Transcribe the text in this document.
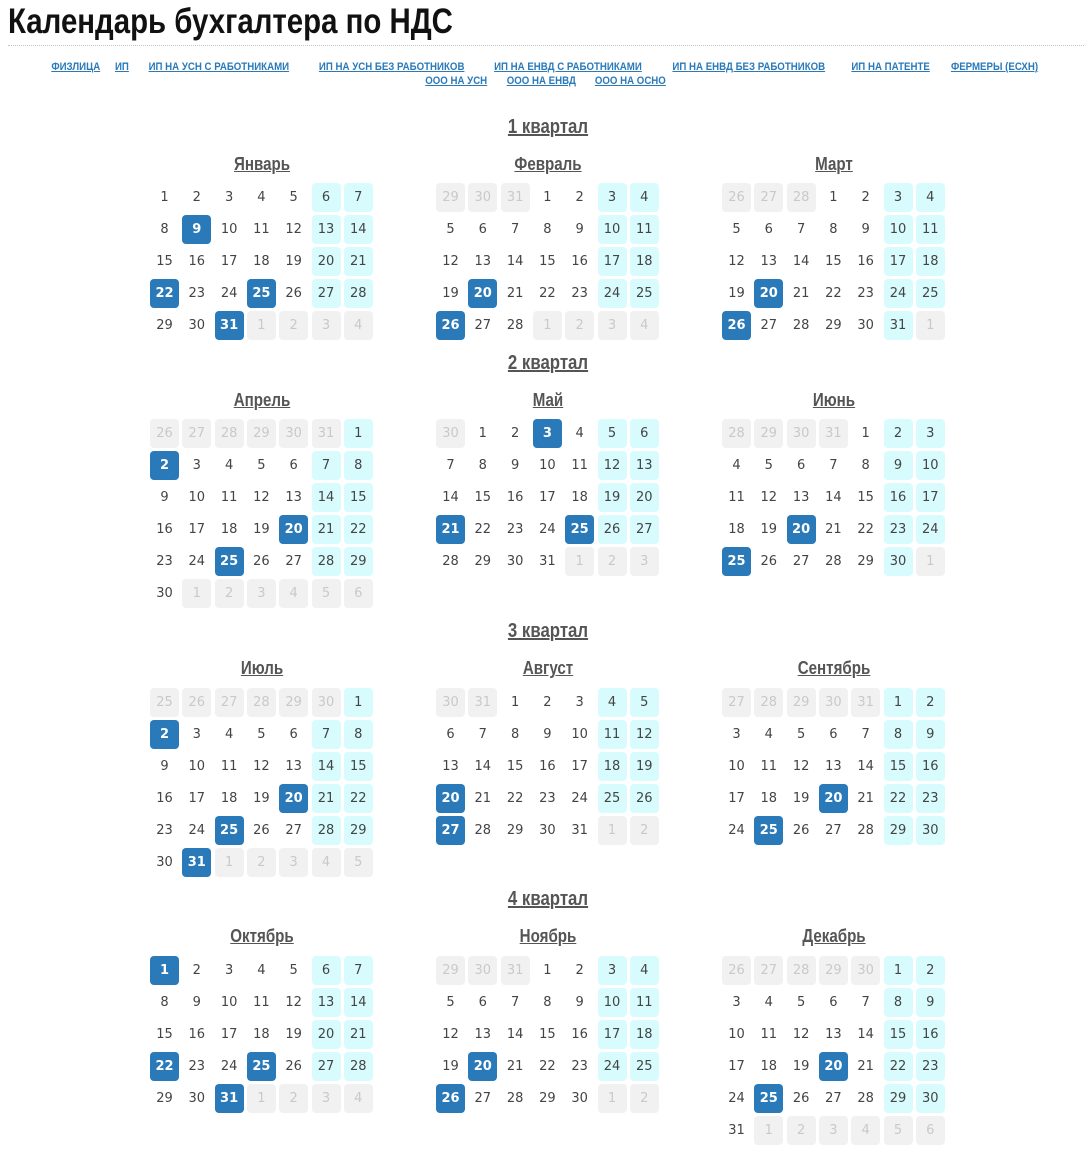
Календарь бухгалтера по НДС
ФИЗЛИЦА ИП ИП НА УСН С РАБОТНИКАМИ	ИП НА УСН БЕЗ РАБОТНИКОВ	ИП НА ЕНВД С РАБОТНИКАМИ	ИП НА ЕНВД БЕЗ РАБОТНИКОВ ИП НА ПАТЕНТЕ ФЕРМЕРЫ (ЕСХН)ООО НА УСН ООО НА ЕНВД ООО НА ОСНО
1 квартал
Январь
1	2	3	4	5	6	7
8	9	10	11	12	13	14
15	16	17	18	19	20	21
22	23	24	25	26	27	28
29	30	31	1	2	3	4
Февраль
29	30	31	1	2	3	4
5	6	7	8	9	10	11
12	13	14	15	16	17	18
19	20	21	22	23	24	25
26	27	28	1	2	3	4
Март
26	27	28	1	2	3	4
5	6	7	8	9	10	11
12	13	14	15	16	17	18
19	20	21	22	23	24	25
26	27	28	29	30	31	1
2 квартал
Апрель
26	27	28	29	30	31	1
2	3	4	5	6	7	8
9	10	11	12	13	14	15
16	17	18	19	20	21	22
23	24	25	26	27	28	29
30	1	2	3	4	5	6
Май
30	1	2	3	4	5	6
7	8	9	10	11	12	13
14	15	16	17	18	19	20
21	22	23	24	25	26	27
28	29	30	31	1	2	3
Июнь
28	29	30	31	1	2	3
4	5	6	7	8	9	10
11	12	13	14	15	16	17
18	19	20	21	22	23	24
25	26	27	28	29	30	1
3 квартал
Июль
25	26	27	28	29	30	1
2	3	4	5	6	7	8
9	10	11	12	13	14	15
16	17	18	19	20	21	22
23	24	25	26	27	28	29
30	31	1	2	3	4	5
Август
30	31	1	2	3	4	5
6	7	8	9	10	11	12
13	14	15	16	17	18	19
20	21	22	23	24	25	26
27	28	29	30	31	1	2
Сентябрь
27	28	29	30	31	1	2
3	4	5	6	7	8	9
10	11	12	13	14	15	16
17	18	19	20	21	22	23
24	25	26	27	28	29	30
4 квартал
Октябрь
1	2	3	4	5	6	7
8	9	10	11	12	13	14
15	16	17	18	19	20	21
22	23	24	25	26	27	28
29	30	31	1	2	3	4
Ноябрь
29	30	31	1	2	3	4
5	6	7	8	9	10	11
12	13	14	15	16	17	18
19	20	21	22	23	24	25
26	27	28	29	30	1	2
Декабрь
26	27	28	29	30	1	2
3	4	5	6	7	8	9
10	11	12	13	14	15	16
17	18	19	20	21	22	23
24	25	26	27	28	29	30
31	1	2	3	4	5	6
